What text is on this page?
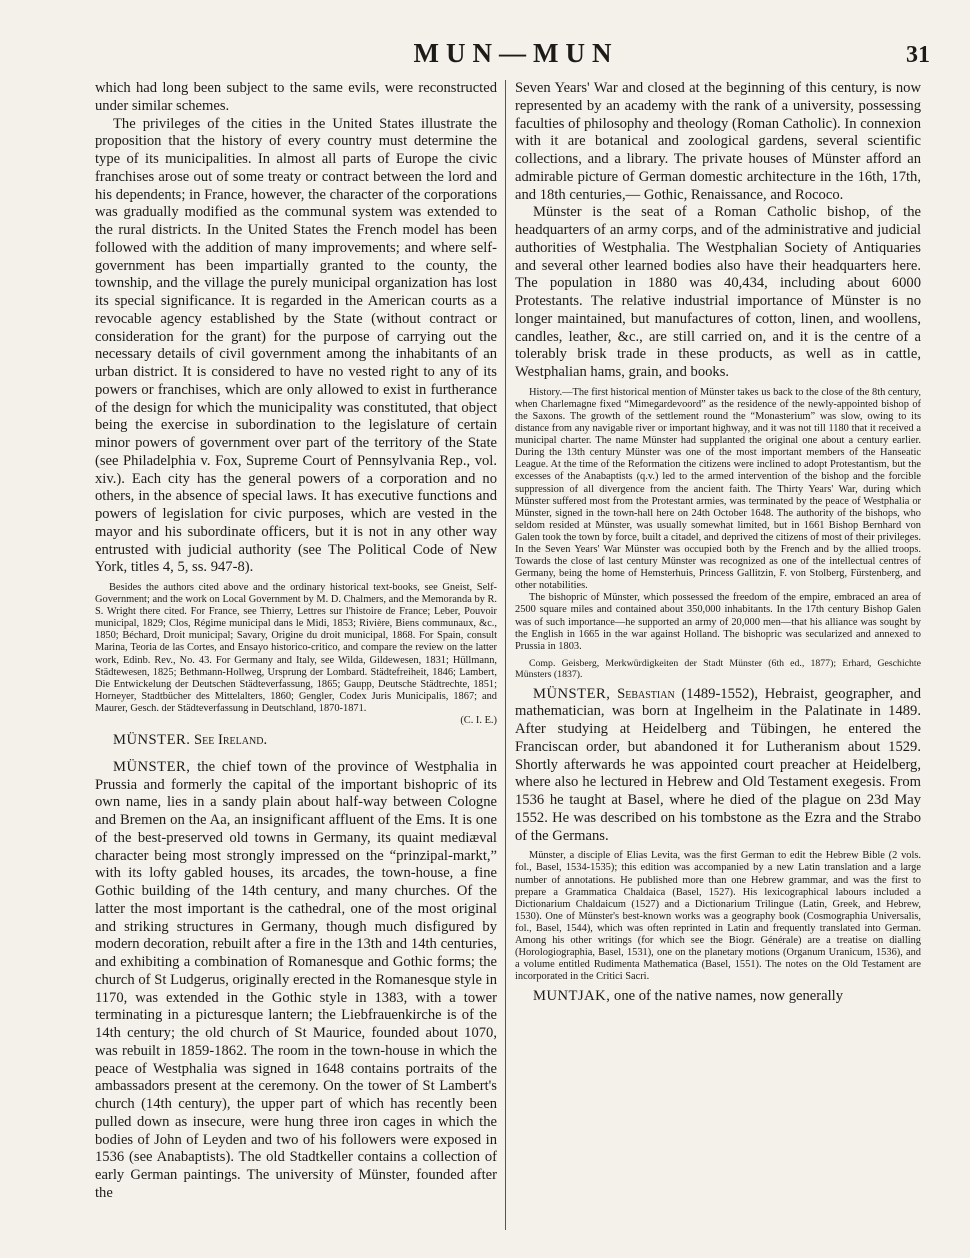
MUN—MUN	31

which had long been subject to the same evils, were reconstructed under similar schemes.

The privileges of the cities in the United States illustrate the proposition that the history of every country must determine the type of its municipalities. In almost all parts of Europe the civic franchises arose out of some treaty or contract between the lord and his dependents; in France, however, the character of the corporations was gradually modified as the communal system was extended to the rural districts. In the United States the French model has been followed with the addition of many improvements; and where self-government has been impartially granted to the county, the township, and the village the purely municipal organization has lost its special significance. It is regarded in the American courts as a revocable agency established by the State (without contract or consideration for the grant) for the purpose of carrying out the necessary details of civil government among the inhabitants of an urban district. It is considered to have no vested right to any of its powers or franchises, which are only allowed to exist in furtherance of the design for which the municipality was constituted, that object being the exercise in subordination to the legislature of certain minor powers of government over part of the territory of the State (see Philadelphia v. Fox, Supreme Court of Pennsylvania Rep., vol. xiv.). Each city has the general powers of a corporation and no others, in the absence of special laws. It has executive functions and powers of legislation for civic purposes, which are vested in the mayor and his subordinate officers, but it is not in any other way entrusted with judicial authority (see The Political Code of New York, titles 4, 5, ss. 947-8).

Besides the authors cited above and the ordinary historical text-books, see Gneist, Self-Government; and the work on Local Government by M. D. Chalmers, and the Memoranda by R. S. Wright there cited. For France, see Thierry, Lettres sur l'histoire de France; Leber, Pouvoir municipal, 1829; Clos, Régime municipal dans le Midi, 1853; Rivière, Biens communaux, &c., 1850; Béchard, Droit municipal; Savary, Origine du droit municipal, 1868. For Spain, consult Marina, Teoria de las Cortes, and Ensayo historico-critico, and compare the review on the latter work, Edinb. Rev., No. 43. For Germany and Italy, see Wilda, Gildewesen, 1831; Hüllmann, Städtewesen, 1825; Bethmann-Hollweg, Ursprung der Lombard. Städtefreiheit, 1846; Lambert, Die Entwickelung der Deutschen Städteverfassung, 1865; Gaupp, Deutsche Städtrechte, 1851; Horneyer, Stadtbücher des Mittelalters, 1860; Gengler, Codex Juris Municipalis, 1867; and Maurer, Gesch. der Städteverfassung in Deutschland, 1870-1871.

(C. I. E.)

MÜNSTER. See Ireland.

MÜNSTER, the chief town of the province of Westphalia in Prussia and formerly the capital of the important bishopric of its own name, lies in a sandy plain about half-way between Cologne and Bremen on the Aa, an insignificant affluent of the Ems. It is one of the best-preserved old towns in Germany, its quaint mediæval character being most strongly impressed on the “prinzipal-markt,” with its lofty gabled houses, its arcades, the town-house, a fine Gothic building of the 14th century, and many churches. Of the latter the most important is the cathedral, one of the most original and striking structures in Germany, though much disfigured by modern decoration, rebuilt after a fire in the 13th and 14th centuries, and exhibiting a combination of Romanesque and Gothic forms; the church of St Ludgerus, originally erected in the Romanesque style in 1170, was extended in the Gothic style in 1383, with a tower terminating in a picturesque lantern; the Liebfrauenkirche is of the 14th century; the old church of St Maurice, founded about 1070, was rebuilt in 1859-1862. The room in the town-house in which the peace of Westphalia was signed in 1648 contains portraits of the ambassadors present at the ceremony. On the tower of St Lambert's church (14th century), the upper part of which has recently been pulled down as insecure, were hung three iron cages in which the bodies of John of Leyden and two of his followers were exposed in 1536 (see Anabaptists). The old Stadtkeller contains a collection of early German paintings. The university of Münster, founded after the

Seven Years' War and closed at the beginning of this century, is now represented by an academy with the rank of a university, possessing faculties of philosophy and theology (Roman Catholic). In connexion with it are botanical and zoological gardens, several scientific collections, and a library. The private houses of Münster afford an admirable picture of German domestic architecture in the 16th, 17th, and 18th centuries,— Gothic, Renaissance, and Rococo.

Münster is the seat of a Roman Catholic bishop, of the headquarters of an army corps, and of the administrative and judicial authorities of Westphalia. The Westphalian Society of Antiquaries and several other learned bodies also have their headquarters here. The population in 1880 was 40,434, including about 6000 Protestants. The relative industrial importance of Münster is no longer maintained, but manufactures of cotton, linen, and woollens, candles, leather, &c., are still carried on, and it is the centre of a tolerably brisk trade in these products, as well as in cattle, Westphalian hams, grain, and books.

History.—The first historical mention of Münster takes us back to the close of the 8th century, when Charlemagne fixed “Mimegardevoord” as the residence of the newly-appointed bishop of the Saxons. The growth of the settlement round the “Monasterium” was slow, owing to its distance from any navigable river or important highway, and it was not till 1180 that it received a municipal charter. The name Münster had supplanted the original one about a century earlier. During the 13th century Münster was one of the most important members of the Hanseatic League. At the time of the Reformation the citizens were inclined to adopt Protestantism, but the excesses of the Anabaptists (q.v.) led to the armed intervention of the bishop and the forcible suppression of all divergence from the ancient faith. The Thirty Years' War, during which Münster suffered most from the Protestant armies, was terminated by the peace of Westphalia or Münster, signed in the town-hall here on 24th October 1648. The authority of the bishops, who seldom resided at Münster, was usually somewhat limited, but in 1661 Bishop Bernhard von Galen took the town by force, built a citadel, and deprived the citizens of most of their privileges. In the Seven Years' War Münster was occupied both by the French and by the allied troops. Towards the close of last century Münster was recognized as one of the intellectual centres of Germany, being the home of Hemsterhuis, Princess Gallitzin, F. von Stolberg, Fürstenberg, and other notabilities.

The bishopric of Münster, which possessed the freedom of the empire, embraced an area of 2500 square miles and contained about 350,000 inhabitants. In the 17th century Bishop Galen was of such importance—he supported an army of 20,000 men—that his alliance was sought by the English in 1665 in the war against Holland. The bishopric was secularized and annexed to Prussia in 1803.

Comp. Geisberg, Merkwürdigkeiten der Stadt Münster (6th ed., 1877); Erhard, Geschichte Münsters (1837).

MÜNSTER, Sebastian (1489-1552), Hebraist, geographer, and mathematician, was born at Ingelheim in the Palatinate in 1489. After studying at Heidelberg and Tübingen, he entered the Franciscan order, but abandoned it for Lutheranism about 1529. Shortly afterwards he was appointed court preacher at Heidelberg, where also he lectured in Hebrew and Old Testament exegesis. From 1536 he taught at Basel, where he died of the plague on 23d May 1552. He was described on his tombstone as the Ezra and the Strabo of the Germans.

Münster, a disciple of Elias Levita, was the first German to edit the Hebrew Bible (2 vols. fol., Basel, 1534-1535); this edition was accompanied by a new Latin translation and a large number of annotations. He published more than one Hebrew grammar, and was the first to prepare a Grammatica Chaldaica (Basel, 1527). His lexicographical labours included a Dictionarium Chaldaicum (1527) and a Dictionarium Trilingue (Latin, Greek, and Hebrew, 1530). One of Münster's best-known works was a geography book (Cosmographia Universalis, fol., Basel, 1544), which was often reprinted in Latin and frequently translated into German. Among his other writings (for which see the Biogr. Générale) are a treatise on dialling (Horologiographia, Basel, 1531), one on the planetary motions (Organum Uranicum, 1536), and a volume entitled Rudimenta Mathematica (Basel, 1551). The notes on the Old Testament are incorporated in the Critici Sacri.

MUNTJAK, one of the native names, now generally
